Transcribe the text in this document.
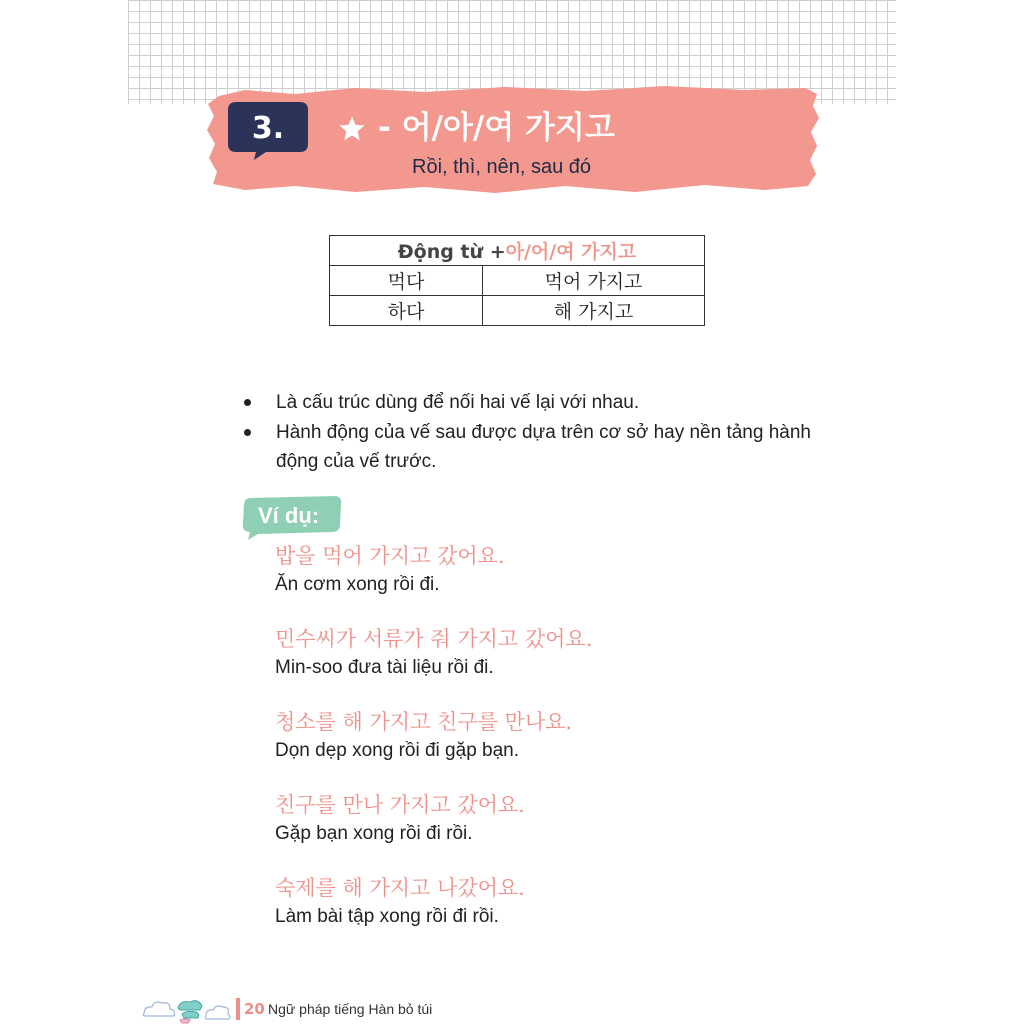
3.	- 어/아/여 가지고
Rồi, thì, nên, sau đó
Động từ +아/어/여 가지고	
먹다	먹어 가지고
하다	해 가지고
Là cấu trúc dùng để nối hai vế lại với nhau.
Hành động của vế sau được dựa trên cơ sở hay nền tảng hành động của vế trước.
Ví dụ:
밥을 먹어 가지고 갔어요.
Ăn cơm xong rồi đi.
민수씨가 서류가 줘 가지고 갔어요.
Min-soo đưa tài liệu rồi đi.
청소를 해 가지고 친구를 만나요.
Dọn dẹp xong rồi đi gặp bạn.
친구를 만나 가지고 갔어요.
Gặp bạn xong rồi đi rồi.
숙제를 해 가지고 나갔어요.
Làm bài tập xong rồi đi rồi.
20 Ngữ pháp tiếng Hàn bỏ túi
